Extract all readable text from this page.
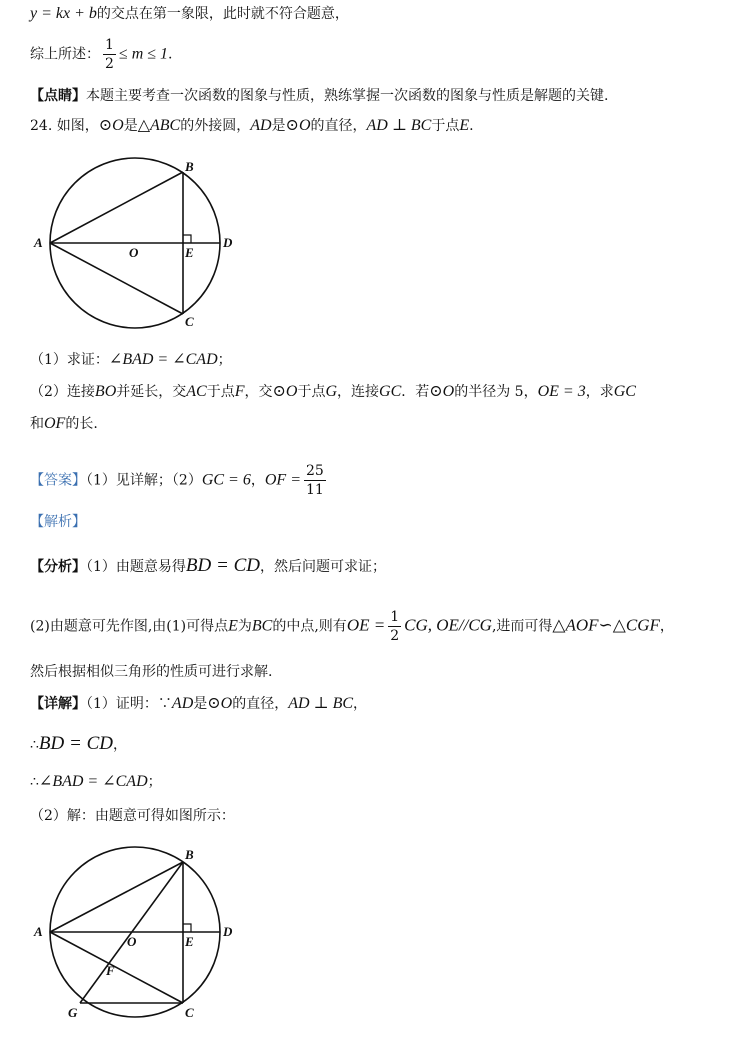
y = kx + b的交点在第一象限，此时就不符合题意，
综上所述： $\frac{1}{2} \le m \le 1$.
【点睛】本题主要考查一次函数的图象与性质，熟练掌握一次函数的图象与性质是解题的关键.
24. 如图，⊙O是△ABC的外接圆，AD是⊙O的直径，AD ⊥ BC于点E.
A
B
C
D
E
O
（1）求证：∠BAD = ∠CAD；
（2）连接BO并延长，交AC于点F，交⊙O于点G，连接GC．若⊙O的半径为 5，OE = 3，求GC
和OF的长.
【答案】（1）见详解；（2）GC = 6，OF = $\frac{25}{11}$
【解析】
【分析】（1）由题意易得BD = CD，然后问题可求证；
(2)由题意可先作图,由(1)可得点E为BC的中点,则有OE = $\frac{1}{2}$ CG, OE//CG,进而可得△AOF∽△CGF，
然后根据相似三角形的性质可进行求解.
【详解】（1）证明：∵AD是⊙O的直径，AD ⊥ BC，
∴BD = CD，
∴∠BAD = ∠CAD；
（2）解：由题意可得如图所示：
A
B
C
D
E
O
F
G
